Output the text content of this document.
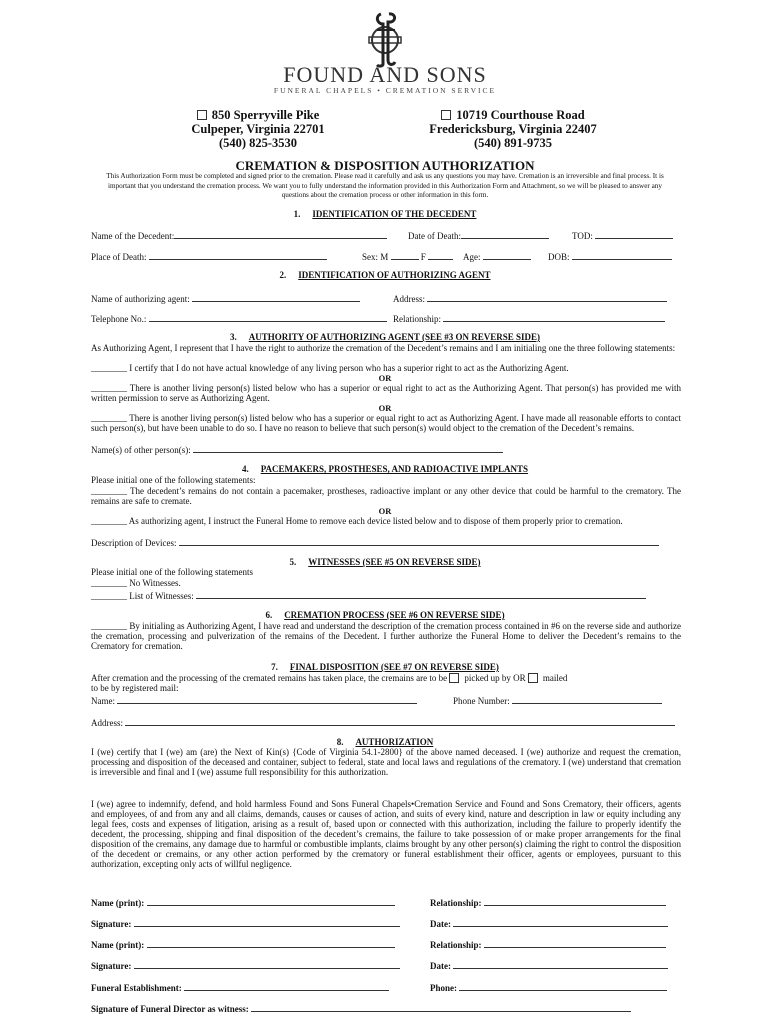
FOUND AND SONS
FUNERAL CHAPELS • CREMATION SERVICE
850 Sperryville Pike
Culpeper, Virginia 22701
(540) 825-3530
10719 Courthouse Road
Fredericksburg, Virginia 22407
(540) 891-9735
CREMATION & DISPOSITION AUTHORIZATION
This Authorization Form must be completed and signed prior to the cremation. Please read it carefully and ask us any questions you may have. Cremation is an irreversible and final process. It is important that you understand the cremation process. We want you to fully understand the information provided in this Authorization Form and Attachment, so we will be pleased to answer any questions about the cremation process or other information in this form.
1. IDENTIFICATION OF THE DECEDENT
Name of the Decedent:	Date of Death:	TOD:
Place of Death:	Sex: M	F	Age:	DOB:
2. IDENTIFICATION OF AUTHORIZING AGENT
Name of authorizing agent:	Address:
Telephone No.:	Relationship:
3. AUTHORITY OF AUTHORIZING AGENT (SEE #3 ON REVERSE SIDE)
As Authorizing Agent, I represent that I have the right to authorize the cremation of the Decedent’s remains and I am initialing one the three following statements:
________ I certify that I do not have actual knowledge of any living person who has a superior right to act as the Authorizing Agent.
OR
________ There is another living person(s) listed below who has a superior or equal right to act as the Authorizing Agent. That person(s) has provided me with written permission to serve as Authorizing Agent.
OR
________ There is another living person(s) listed below who has a superior or equal right to act as Authorizing Agent. I have made all reasonable efforts to contact such person(s), but have been unable to do so. I have no reason to believe that such person(s) would object to the cremation of the Decedent’s remains.
Name(s) of other person(s):
4. PACEMAKERS, PROSTHESES, AND RADIOACTIVE IMPLANTS
Please initial one of the following statements:
________ The decedent’s remains do not contain a pacemaker, prostheses, radioactive implant or any other device that could be harmful to the crematory. The remains are safe to cremate.
OR
________ As authorizing agent, I instruct the Funeral Home to remove each device listed below and to dispose of them properly prior to cremation.
Description of Devices:
5. WITNESSES (SEE #5 ON REVERSE SIDE)
Please initial one of the following statements
________ No Witnesses.
________ List of Witnesses:
6. CREMATION PROCESS (SEE #6 ON REVERSE SIDE)
________ By initialing as Authorizing Agent, I have read and understand the description of the cremation process contained in #6 on the reverse side and authorize the cremation, processing and pulverization of the remains of the Decedent. I further authorize the Funeral Home to deliver the Decedent’s remains to the Crematory for cremation.
7. FINAL DISPOSITION (SEE #7 ON REVERSE SIDE)
After cremation and the processing of the cremated remains has taken place, the cremains are to be picked up by OR mailed
to be by registered mail:
Name:	Phone Number:
Address:
8. AUTHORIZATION
I (we) certify that I (we) am (are) the Next of Kin(s) {Code of Virginia 54.1-2800} of the above named deceased. I (we) authorize and request the cremation, processing and disposition of the deceased and container, subject to federal, state and local laws and regulations of the crematory. I (we) understand that cremation is irreversible and final and I (we) assume full responsibility for this authorization.
I (we) agree to indemnify, defend, and hold harmless Found and Sons Funeral Chapels•Cremation Service and Found and Sons Crematory, their officers, agents and employees, of and from any and all claims, demands, causes or causes of action, and suits of every kind, nature and description in law or equity including any legal fees, costs and expenses of litigation, arising as a result of, based upon or connected with this authorization, including the failure to properly identify the decedent, the processing, shipping and final disposition of the decedent’s cremains, the failure to take possession of or make proper arrangements for the final disposition of the cremains, any damage due to harmful or combustible implants, claims brought by any other person(s) claiming the right to control the disposition of the decedent or cremains, or any other action performed by the crematory or funeral establishment their officer, agents or employees, pursuant to this authorization, excepting only acts of willful negligence.
Name (print):	Relationship:
Signature:	Date:
Name (print):	Relationship:
Signature:	Date:
Funeral Establishment:	Phone:
Signature of Funeral Director as witness:
